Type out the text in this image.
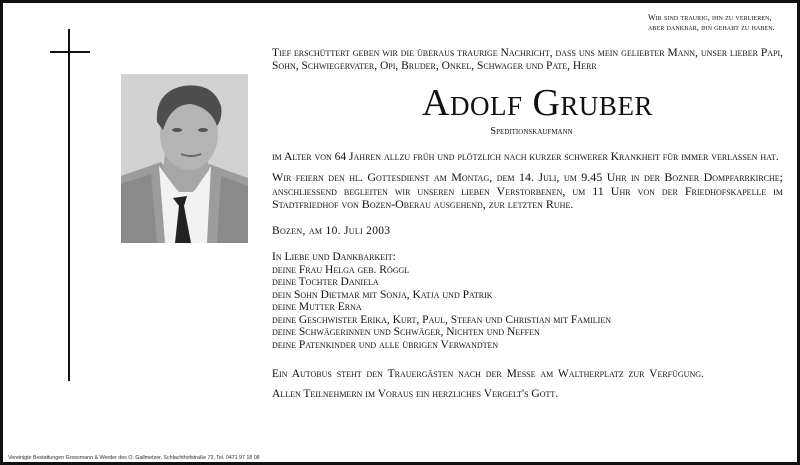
Wir sind traurig, ihn zu verlieren,
aber dankbar, ihn gehabt zu haben.

Tief erschüttert geben wir die überaus traurige Nachricht, dass uns mein geliebter Mann, unser lieber Papi, Sohn, Schwiegervater, Opi, Bruder, Onkel, Schwager und Pate, Herr

Adolf Gruber

Speditionskaufmann

im Alter von 64 Jahren allzu früh und plötzlich nach kurzer schwerer Krankheit für immer verlassen hat.

Wir feiern den hl. Gottesdienst am Montag, dem 14. Juli, um 9.45 Uhr in der Bozner Dompfarrkirche; anschliessend begleiten wir unseren lieben Verstorbenen, um 11 Uhr von der Friedhofskapelle im Stadtfriedhof von Bozen-Oberau ausgehend, zur letzten Ruhe.

Bozen, am 10. Juli 2003

In Liebe und Dankbarkeit:

deine Frau Helga geb. Röggl
deine Tochter Daniela
dein Sohn Dietmar mit Sonja, Katja und Patrik
deine Mutter Erna
deine Geschwister Erika, Kurt, Paul, Stefan und Christian mit Familien
deine Schwägerinnen und Schwäger, Nichten und Neffen
deine Patenkinder und alle übrigen Verwandten

Ein Autobus steht den Trauergästen nach der Messe am Waltherplatz zur Verfügung.

Allen Teilnehmern im Voraus ein herzliches Vergelt's Gott.

Vereinigte Bestattungen Grossmann & Werder des O. Gallmetzer, Schlachthofstraße 73, Tel. 0471 97 18 08
